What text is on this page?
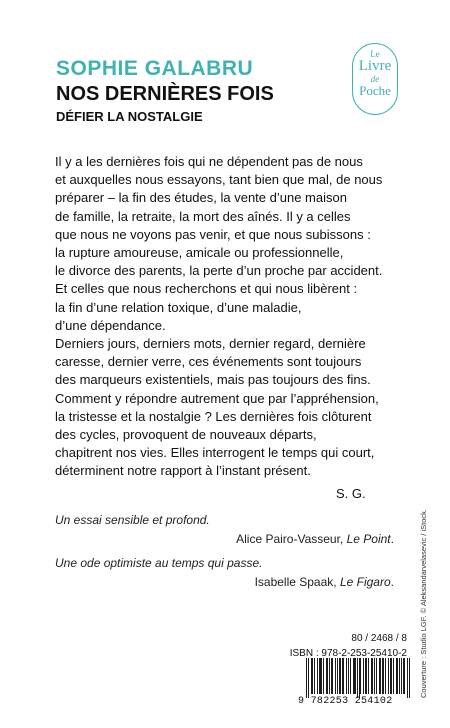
SOPHIE GALABRU
NOS DERNIÈRES FOIS
DÉFIER LA NOSTALGIE
Le
Livre
de
Poche
Il y a les dernières fois qui ne dépendent pas de nous
et auxquelles nous essayons, tant bien que mal, de nous
préparer – la fin des études, la vente d’une maison
de famille, la retraite, la mort des aînés. Il y a celles
que nous ne voyons pas venir, et que nous subissons :
la rupture amoureuse, amicale ou professionnelle,
le divorce des parents, la perte d’un proche par accident.
Et celles que nous recherchons et qui nous libèrent :
la fin d’une relation toxique, d’une maladie,
d’une dépendance.
Derniers jours, derniers mots, dernier regard, dernière
caresse, dernier verre, ces événements sont toujours
des marqueurs existentiels, mais pas toujours des fins.
Comment y répondre autrement que par l’appréhension,
la tristesse et la nostalgie ? Les dernières fois clôturent
des cycles, provoquent de nouveaux départs,
chapitrent nos vies. Elles interrogent le temps qui court,
déterminent notre rapport à l’instant présent.
S. G.
Un essai sensible et profond.
Alice Pairo-Vasseur, Le Point.
Une ode optimiste au temps qui passe.
Isabelle Spaak, Le Figaro.	Couverture : Studio LGF. © Aleksandarvelasevic / iStock.
80 / 2468 / 8
ISBN : 978-2-253-25410-2
9 782253 254102
